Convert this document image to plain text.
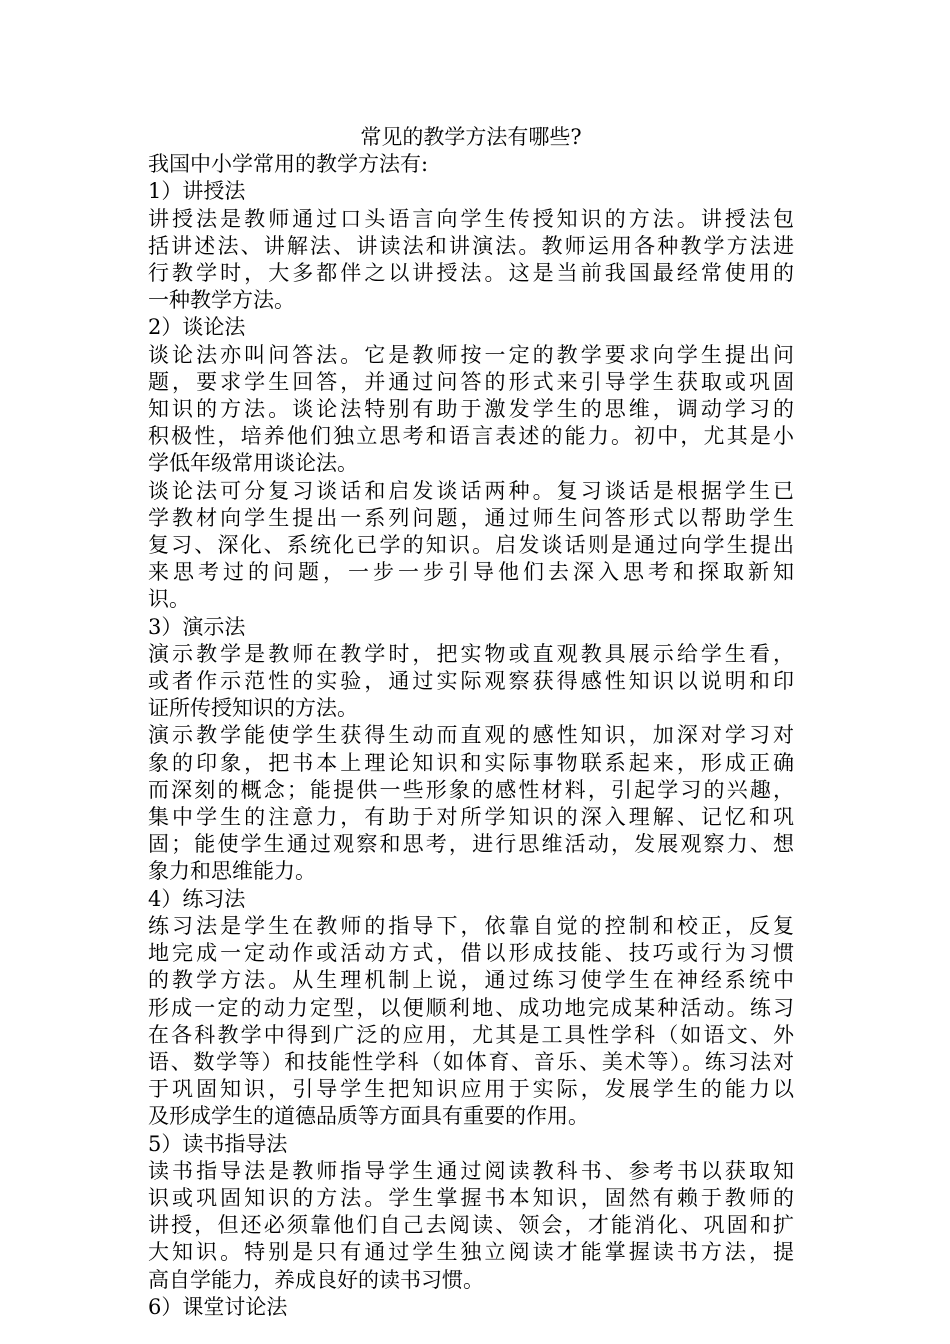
常见的教学方法有哪些?
我国中小学常用的教学方法有:
1）讲授法
讲授法是教师通过口头语言向学生传授知识的方法。讲授法包
括讲述法、讲解法、讲读法和讲演法。教师运用各种教学方法进
行教学时，大多都伴之以讲授法。这是当前我国最经常使用的
一种教学方法。
2）谈论法
谈论法亦叫问答法。它是教师按一定的教学要求向学生提出问
题，要求学生回答，并通过问答的形式来引导学生获取或巩固
知识的方法。谈论法特别有助于激发学生的思维，调动学习的
积极性，培养他们独立思考和语言表述的能力。初中，尤其是小
学低年级常用谈论法。
谈论法可分复习谈话和启发谈话两种。复习谈话是根据学生已
学教材向学生提出一系列问题，通过师生问答形式以帮助学生
复习、深化、系统化已学的知识。启发谈话则是通过向学生提出
来思考过的问题，一步一步引导他们去深入思考和探取新知
识。
3）演示法
演示教学是教师在教学时，把实物或直观教具展示给学生看，
或者作示范性的实验，通过实际观察获得感性知识以说明和印
证所传授知识的方法。
演示教学能使学生获得生动而直观的感性知识，加深对学习对
象的印象，把书本上理论知识和实际事物联系起来，形成正确
而深刻的概念；能提供一些形象的感性材料，引起学习的兴趣，
集中学生的注意力，有助于对所学知识的深入理解、记忆和巩
固；能使学生通过观察和思考，进行思维活动，发展观察力、想
象力和思维能力。
4）练习法
练习法是学生在教师的指导下，依靠自觉的控制和校正，反复
地完成一定动作或活动方式，借以形成技能、技巧或行为习惯
的教学方法。从生理机制上说，通过练习使学生在神经系统中
形成一定的动力定型，以便顺利地、成功地完成某种活动。练习
在各科教学中得到广泛的应用，尤其是工具性学科（如语文、外
语、数学等）和技能性学科（如体育、音乐、美术等）。练习法对
于巩固知识，引导学生把知识应用于实际，发展学生的能力以
及形成学生的道德品质等方面具有重要的作用。
5）读书指导法
读书指导法是教师指导学生通过阅读教科书、参考书以获取知
识或巩固知识的方法。学生掌握书本知识，固然有赖于教师的
讲授，但还必须靠他们自己去阅读、领会，才能消化、巩固和扩
大知识。特别是只有通过学生独立阅读才能掌握读书方法，提
高自学能力，养成良好的读书习惯。
6）课堂讨论法
